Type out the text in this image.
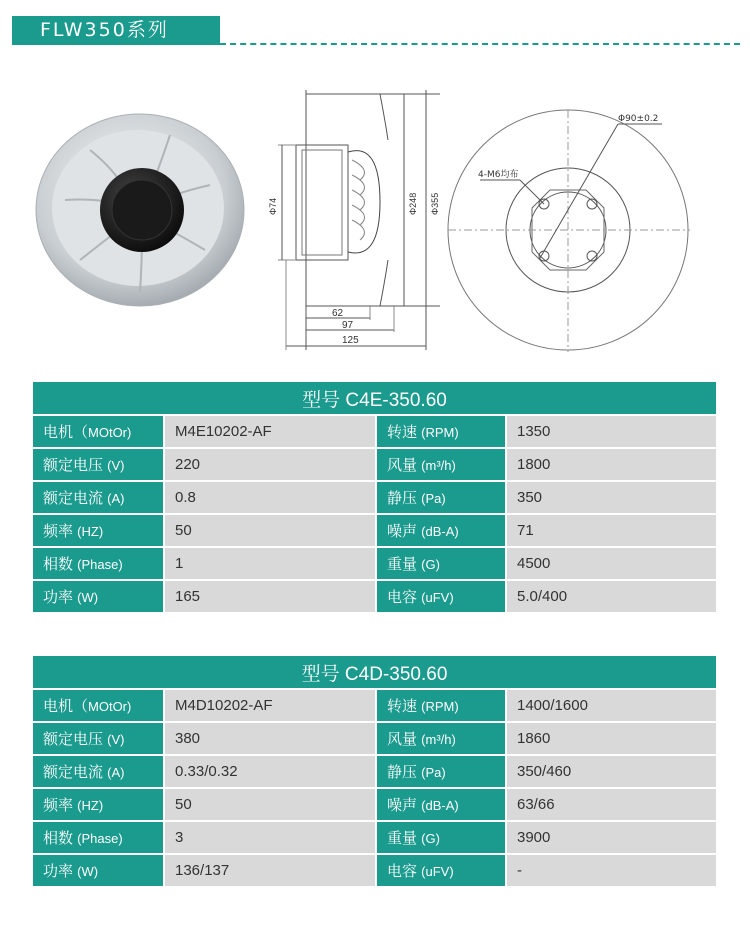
FLW350系列
Φ74	Φ248 Φ355
62
97
125
Φ90±0.2
4-M6均布
型号 C4E-350.60			
电机（MOtOr)	M4E10202-AF	转速 (RPM)	1350
额定电压 (V)	220	风量 (m³/h)	1800
额定电流 (A)	0.8	静压 (Pa)	350
频率 (HZ)	50	噪声 (dB-A)	71
相数 (Phase)	1	重量 (G)	4500
功率 (W)	165	电容 (uFV)	5.0/400
型号 C4D-350.60			
电机（MOtOr)	M4D10202-AF	转速 (RPM)	1400/1600
额定电压 (V)	380	风量 (m³/h)	1860
额定电流 (A)	0.33/0.32	静压 (Pa)	350/460
频率 (HZ)	50	噪声 (dB-A)	63/66
相数 (Phase)	3	重量 (G)	3900
功率 (W)	136/137	电容 (uFV)	-
